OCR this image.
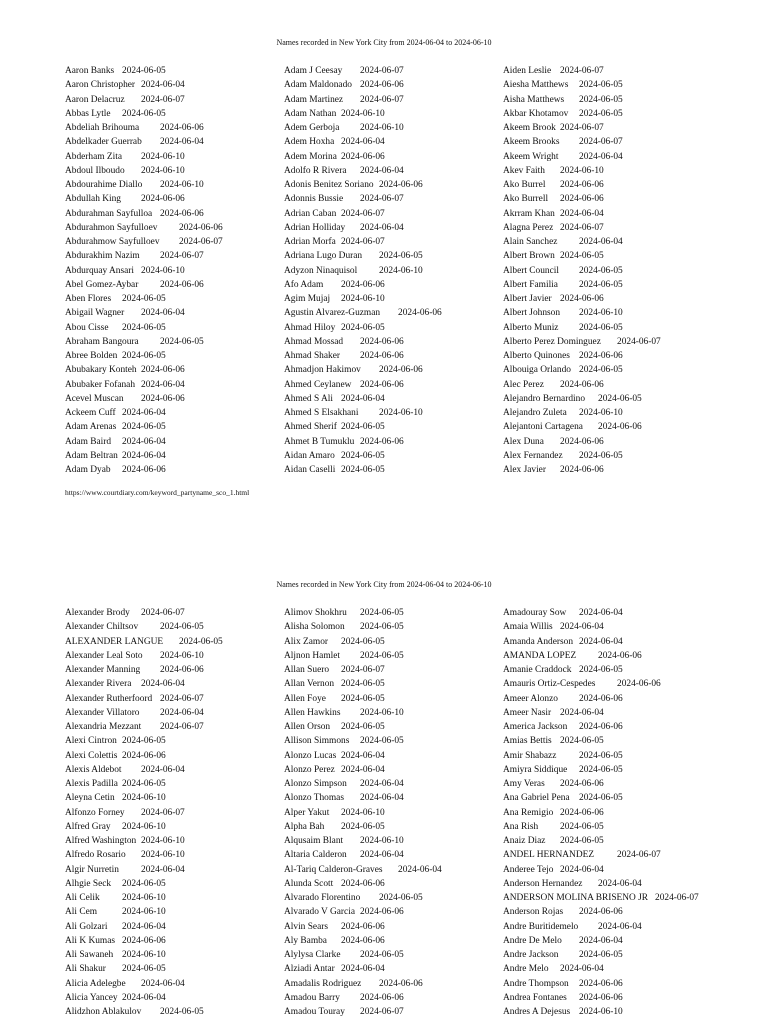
Names recorded in New York City from 2024-06-04 to 2024-06-10
Aaron Banks 2024-06-05
Aaron Christopher 2024-06-04
Aaron Delacruz 2024-06-07
Abbas Lytle 2024-06-05
Abdeliah Brihouma 2024-06-06
Abdelkader Guerrab 2024-06-04
Abderham Zita 2024-06-10
Abdoul Ilboudo 2024-06-10
Abdourahime Diallo 2024-06-10
Abdullah King 2024-06-06
Abdurahman Sayfulloa 2024-06-06
Abdurahmon Sayfulloev 2024-06-06
Abdurahmow Sayfulloev 2024-06-07
Abdurakhim Nazim 2024-06-07
Abdurquay Ansari 2024-06-10
Abel Gomez-Aybar 2024-06-06
Aben Flores 2024-06-05
Abigail Wagner 2024-06-04
Abou Cisse 2024-06-05
Abraham Bangoura 2024-06-05
Abree Bolden 2024-06-05
Abubakary Konteh 2024-06-06
Abubaker Fofanah 2024-06-04
Acevel Muscan 2024-06-06
Ackeem Cuff 2024-06-04
Adam Arenas 2024-06-05
Adam Baird 2024-06-04
Adam Beltran 2024-06-04
Adam Dyab 2024-06-06
Adam J Ceesay 2024-06-07
Adam Maldonado 2024-06-06
Adam Martinez 2024-06-07
Adam Nathan 2024-06-10
Adem Gerboja 2024-06-10
Adem Hoxha 2024-06-04
Adem Morina 2024-06-06
Adolfo R Rivera 2024-06-04
Adonis Benitez Soriano 2024-06-06
Adonnis Bussie 2024-06-07
Adrian Caban 2024-06-07
Adrian Holliday 2024-06-04
Adrian Morfa 2024-06-07
Adriana Lugo Duran 2024-06-05
Adyzon Ninaquisol 2024-06-10
Afo Adam 2024-06-06
Agim Mujaj 2024-06-10
Agustin Alvarez-Guzman 2024-06-06
Ahmad Hiloy 2024-06-05
Ahmad Mossad 2024-06-06
Ahmad Shaker 2024-06-06
Ahmadjon Hakimov 2024-06-06
Ahmed Ceylanew 2024-06-06
Ahmed S Ali 2024-06-04
Ahmed S Elsakhani 2024-06-10
Ahmed Sherif 2024-06-05
Ahmet B Tumuklu 2024-06-06
Aidan Amaro 2024-06-05
Aidan Caselli 2024-06-05
Aiden Leslie 2024-06-07
Aiesha Matthews 2024-06-05
Aisha Matthews 2024-06-05
Akbar Khotamov 2024-06-05
Akeem Brook 2024-06-07
Akeem Brooks 2024-06-07
Akeem Wright 2024-06-04
Akev Faith 2024-06-10
Ako Burrel 2024-06-06
Ako Burrell 2024-06-06
Akrram Khan 2024-06-04
Alagna Perez 2024-06-07
Alain Sanchez 2024-06-04
Albert Brown 2024-06-05
Albert Council 2024-06-05
Albert Familia 2024-06-05
Albert Javier 2024-06-06
Albert Johnson 2024-06-10
Alberto Muniz 2024-06-05
Alberto Perez Dominguez 2024-06-07
Alberto Quinones 2024-06-06
Albouiga Orlando 2024-06-05
Alec Perez 2024-06-06
Alejandro Bernardino 2024-06-05
Alejandro Zuleta 2024-06-10
Alejantoni Cartagena 2024-06-06
Alex Duna 2024-06-06
Alex Fernandez 2024-06-05
Alex Javier 2024-06-06
https://www.courtdiary.com/keyword_partyname_sco_1.html
Names recorded in New York City from 2024-06-04 to 2024-06-10
Alexander Brody 2024-06-07
Alexander Chiltsov 2024-06-05
ALEXANDER LANGUE 2024-06-05
Alexander Leal Soto 2024-06-10
Alexander Manning 2024-06-06
Alexander Rivera 2024-06-04
Alexander Rutherfoord 2024-06-07
Alexander Villatoro 2024-06-04
Alexandria Mezzant 2024-06-07
Alexi Cintron 2024-06-05
Alexi Colettis 2024-06-06
Alexis Aldebot 2024-06-04
Alexis Padilla 2024-06-05
Aleyna Cetin 2024-06-10
Alfonzo Forney 2024-06-07
Alfred Gray 2024-06-10
Alfred Washington 2024-06-10
Alfredo Rosario 2024-06-10
Algir Nurretin 2024-06-04
Alhgie Seck 2024-06-05
Ali Celik 2024-06-10
Ali Cem	2024-06-10
Ali Golzari 2024-06-04
Ali K Kumas 2024-06-06
Ali Sawaneh 2024-06-10
Ali Shakur 2024-06-05
Alicia Adelegbe 2024-06-04
Alicia Yancey 2024-06-04
Alidzhon Ablakulov 2024-06-05
Alimov Shokhru 2024-06-05
Alisha Solomon 2024-06-05
Alix Zamor 2024-06-05
Aljnon Hamlet 2024-06-05
Allan Suero 2024-06-07
Allan Vernon 2024-06-05
Allen Foye 2024-06-05
Allen Hawkins 2024-06-10
Allen Orson 2024-06-05
Allison Simmons 2024-06-05
Alonzo Lucas 2024-06-04
Alonzo Perez 2024-06-04
Alonzo Simpson 2024-06-04
Alonzo Thomas 2024-06-04
Alper Yakut 2024-06-10
Alpha Bah 2024-06-05
Alqusaim Blant 2024-06-10
Altaria Calderon 2024-06-04
Al-Tariq Calderon-Graves 2024-06-04
Alunda Scott 2024-06-06
Alvarado Florentino 2024-06-05
Alvarado V Garcia 2024-06-06
Alvin Sears 2024-06-06
Aly Bamba 2024-06-06
Alylysa Clarke 2024-06-05
Alziadi Antar 2024-06-04
Amadalis Rodriguez 2024-06-06
Amadou Barry 2024-06-06
Amadou Touray 2024-06-07
Amadouray Sow 2024-06-04
Amaia Willis 2024-06-04
Amanda Anderson 2024-06-04
AMANDA LOPEZ 2024-06-06
Amanie Craddock 2024-06-05
Amauris Ortiz-Cespedes 2024-06-06
Ameer Alonzo 2024-06-06
Ameer Nasir 2024-06-04
America Jackson 2024-06-06
Amias Bettis 2024-06-05
Amir Shabazz 2024-06-05
Amiyra Siddique 2024-06-05
Amy Veras 2024-06-06
Ana Gabriel Pena 2024-06-05
Ana Remigio 2024-06-06
Ana Rish 2024-06-05
Anaiz Diaz 2024-06-05
ANDEL HERNANDEZ 2024-06-07
Anderee Tejo 2024-06-04
Anderson Hernandez 2024-06-04
ANDERSON MOLINA BRISENO JR 2024-06-07
Anderson Rojas 2024-06-06
Andre Buritidemelo 2024-06-04
Andre De Melo 2024-06-04
Andre Jackson 2024-06-05
Andre Melo 2024-06-04
Andre Thompson 2024-06-06
Andrea Fontanes 2024-06-06
Andres A Dejesus 2024-06-10
